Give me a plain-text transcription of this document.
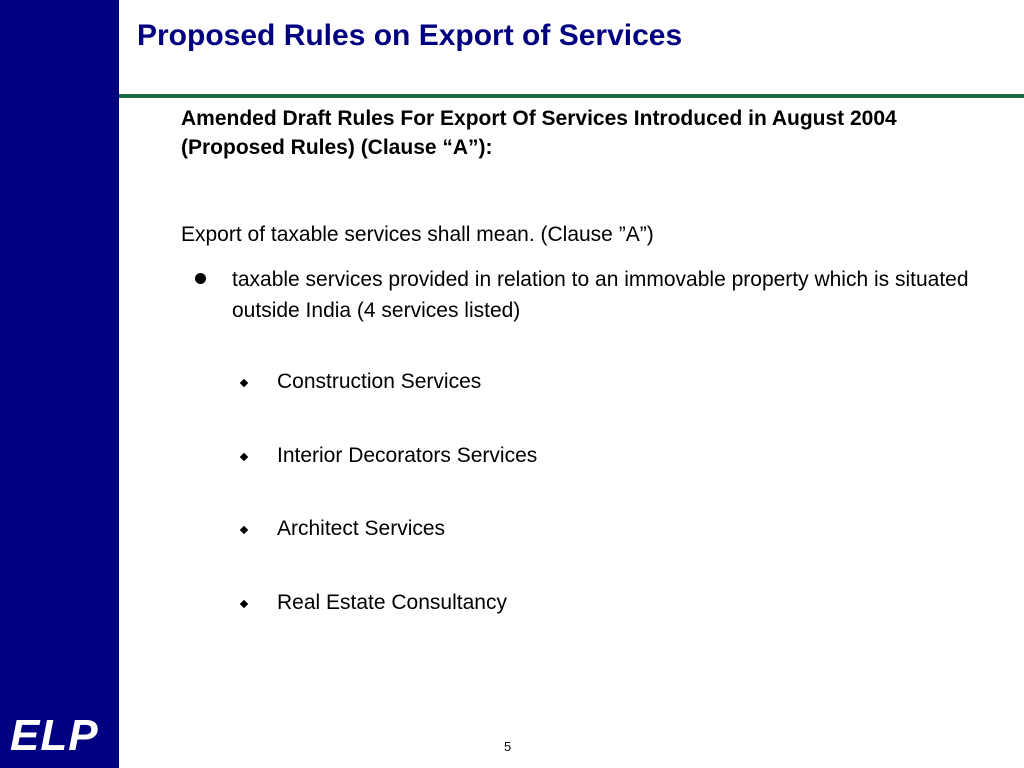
ELP
Proposed Rules on Export of Services

Amended Draft Rules For Export Of Services Introduced in August 2004 (Proposed Rules) (Clause “A”):

Export of taxable services shall mean. (Clause ”A”)

taxable services provided in relation to an immovable property which is situated outside India (4 services listed)
Construction Services
Interior Decorators Services
Architect Services
Real Estate Consultancy
5
